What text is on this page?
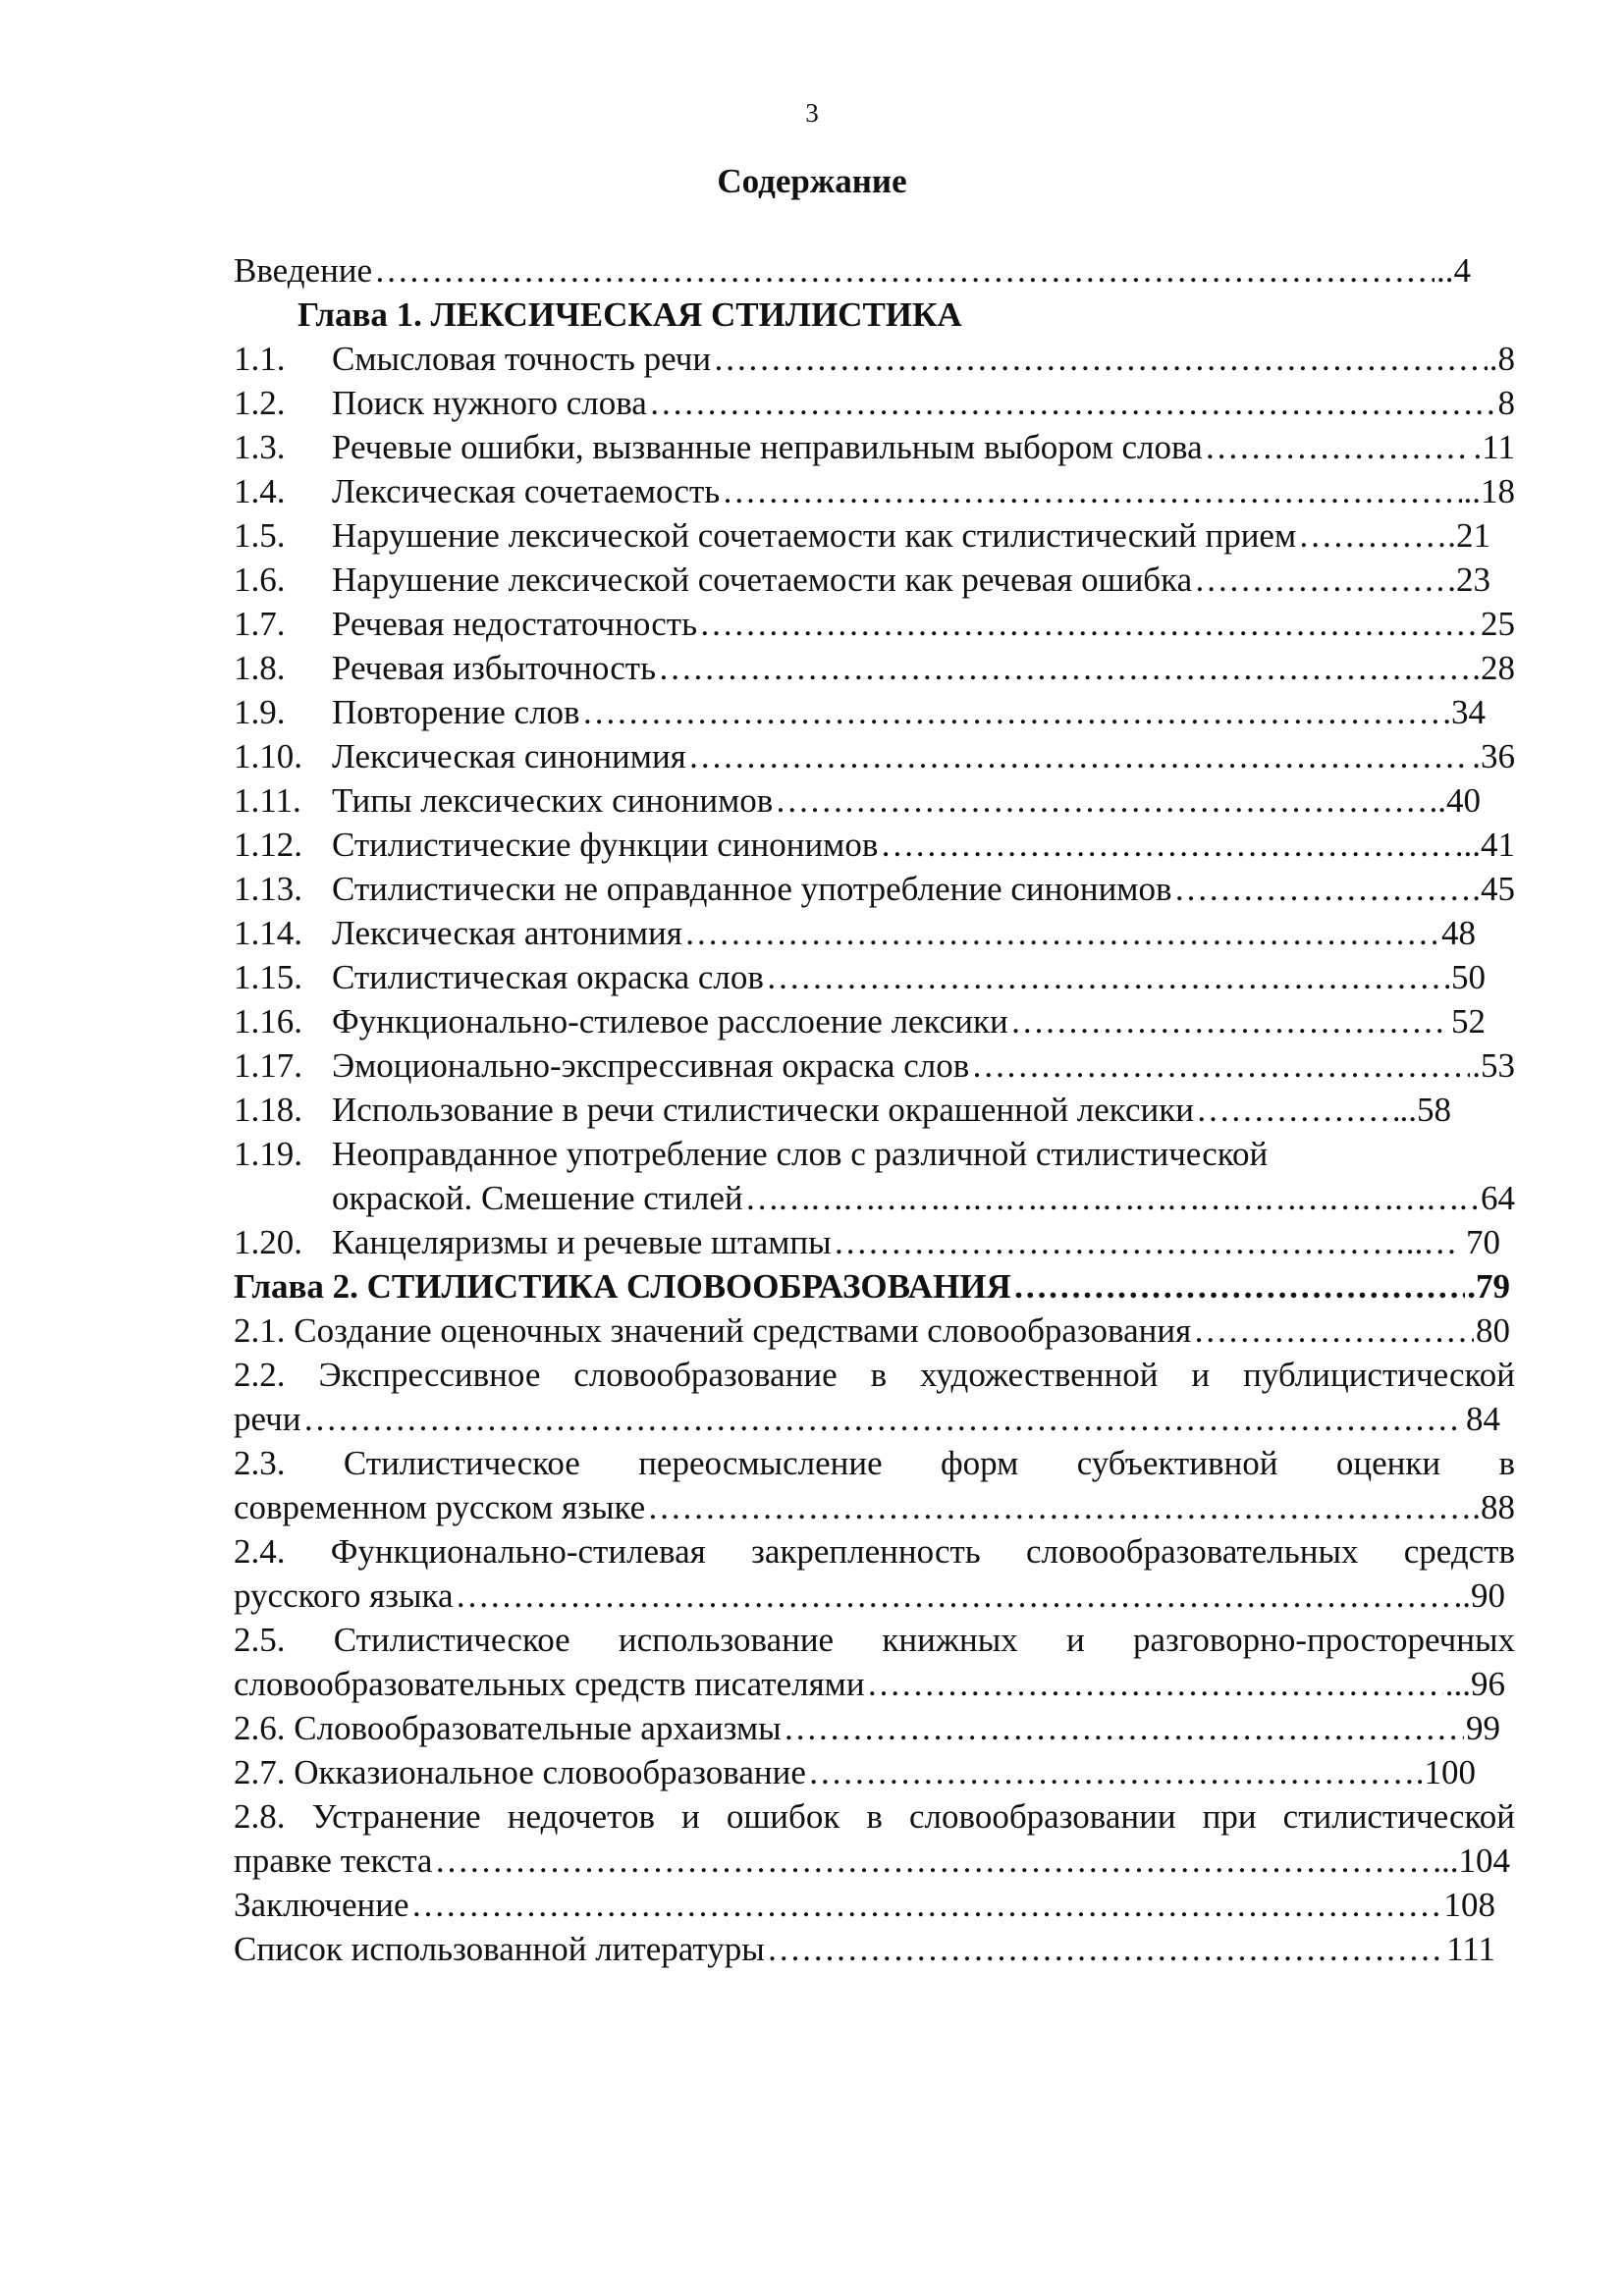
3
Содержание
Введение ……………………………………………………………………………………………………………………………………………………………………………………………………………………	..4
Глава 1. ЛЕКСИЧЕСКАЯ СТИЛИСТИКА
1.1.	Смысловая точность речи ……………………………………………………………………………………………………………………………………………………………………………………………………………………	.8
1.2.	Поиск нужного слова ……………………………………………………………………………………………………………………………………………………………………………………………………………………	8
1.3.	Речевые ошибки, вызванные неправильным выбором слова ……………………………………………………………………………………………………………………………………………………………………………………………………………………	.11
1.4.	Лексическая сочетаемость ……………………………………………………………………………………………………………………………………………………………………………………………………………………	..18
1.5.	Нарушение лексической сочетаемости как стилистический прием ……………………………………………………………………………………………………………………………………………………………………………………………………………………	….21
1.6.	Нарушение лексической сочетаемости как речевая ошибка ……………………………………………………………………………………………………………………………………………………………………………………………………………………	.23
1.7.	Речевая недостаточность ……………………………………………………………………………………………………………………………………………………………………………………………………………………	25
1.8.	Речевая избыточность ……………………………………………………………………………………………………………………………………………………………………………………………………………………	.28
1.9.	Повторение слов ……………………………………………………………………………………………………………………………………………………………………………………………………………………	.34
1.10. Лексическая синонимия ……………………………………………………………………………………………………………………………………………………………………………………………………………………	.36
1.11. Типы лексических синонимов ……………………………………………………………………………………………………………………………………………………………………………………………………………………	..40
1.12. Стилистические функции синонимов ……………………………………………………………………………………………………………………………………………………………………………………………………………………	...41
1.13. Стилистически не оправданное употребление синонимов ……………………………………………………………………………………………………………………………………………………………………………………………………………………	.45
1.14. Лексическая антонимия ……………………………………………………………………………………………………………………………………………………………………………………………………………………	48
1.15. Стилистическая окраска слов ……………………………………………………………………………………………………………………………………………………………………………………………………………………	50
1.16. Функционально-стилевое расслоение лексики ……………………………………………………………………………………………………………………………………………………………………………………………………………………	52
1.17. Эмоционально-экспрессивная окраска слов ……………………………………………………………………………………………………………………………………………………………………………………………………………………	.53
1.18. Использование в речи стилистически окрашенной лексики ……………………………………………………………………………………………………………………………………………………………………………………………………………………	..58
1.19. Неоправданное употребление слов с различной стилистической
окраской. Смешение стилей ……………………………………………………………………………………………………………………………………………………………………………………………………………………	64
1.20. Канцеляризмы и речевые штампы ……………………………………………………………………………………………………………………………………………………………………………………………………………………	..… 70
Глава 2. СТИЛИСТИКА СЛОВООБРАЗОВАНИЯ ……………………………………………………………………………………………………………………………………………………………………………………………………………………	.79
2.1. Создание оценочных значений средствами словообразования ……………………………………………………………………………………………………………………………………………………………………………………………………………………	80
2.2. Экспрессивное словообразование в художественной и публицистической
речи ……………………………………………………………………………………………………………………………………………………………………………………………………………………	84
2.3. Стилистическое переосмысление форм субъективной оценки в
современном русском языке ……………………………………………………………………………………………………………………………………………………………………………………………………………………	.88
2.4. Функционально-стилевая закрепленность словообразовательных средств
русского языка ……………………………………………………………………………………………………………………………………………………………………………………………………………………	..90
2.5. Стилистическое использование книжных и разговорно-просторечных
словообразовательных средств писателями ……………………………………………………………………………………………………………………………………………………………………………………………………………………	...96
2.6. Словообразовательные архаизмы ……………………………………………………………………………………………………………………………………………………………………………………………………………………	99
2.7. Окказиональное словообразование ……………………………………………………………………………………………………………………………………………………………………………………………………………………	.100
2.8. Устранение недочетов и ошибок в словообразовании при стилистической
правке текста ……………………………………………………………………………………………………………………………………………………………………………………………………………………	...104
Заключение ……………………………………………………………………………………………………………………………………………………………………………………………………………………	108
Список использованной литературы ……………………………………………………………………………………………………………………………………………………………………………………………………………………	111
